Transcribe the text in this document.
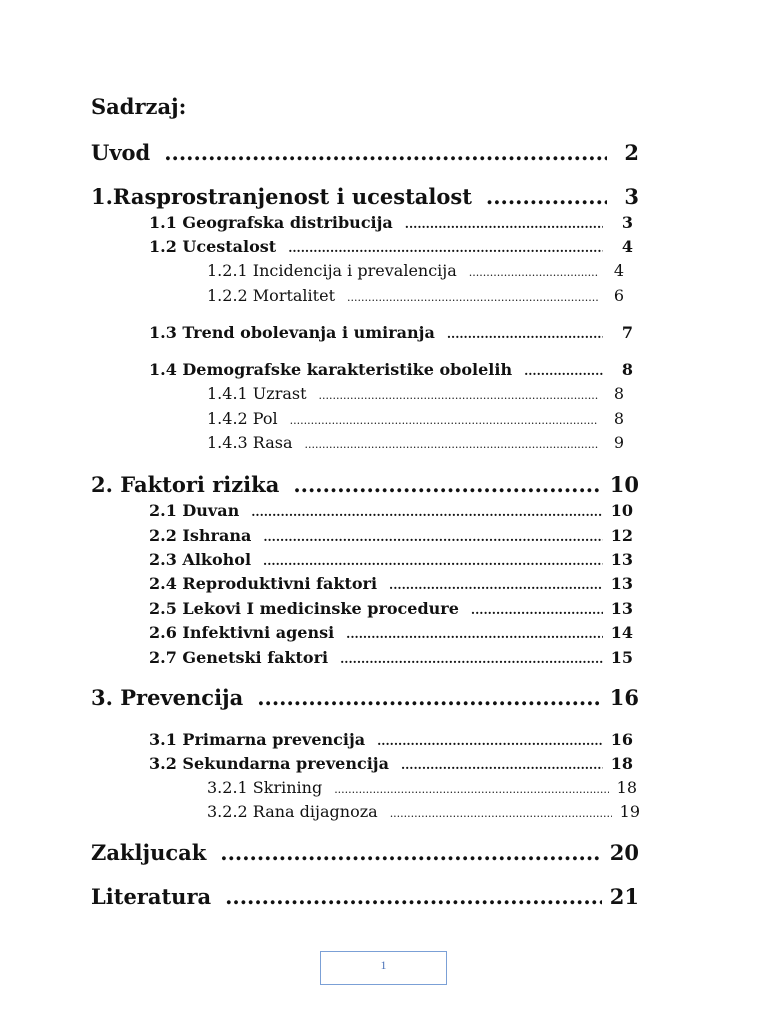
Sadrzaj:
Uvod .....	2
1.Rasprostranjenost i ucestalost .....	3
1.1 Geografska distribucija .....	3
1.2 Ucestalost .....	4
1.2.1 Incidencija i prevalencija .....	4
1.2.2 Mortalitet .....	6
1.3 Trend obolevanja i umiranja .....	7
1.4 Demografske karakteristike obolelih .....	8
1.4.1 Uzrast .....	8
1.4.2 Pol .....	8
1.4.3 Rasa .....	9
2. Faktori rizika .....	10
2.1 Duvan .....	10
2.2 Ishrana .....	12
2.3 Alkohol .....	13
2.4 Reproduktivni faktori .....	13
2.5 Lekovi I medicinske procedure .....	13
2.6 Infektivni agensi .....	14
2.7 Genetski faktori .....	15
3. Prevencija .....	16
3.1 Primarna prevencija .....	16
3.2 Sekundarna prevencija .....	18
3.2.1 Skrining .....	18
3.2.2 Rana dijagnoza .....	19
Zakljucak .....	20
Literatura .....	21
1
